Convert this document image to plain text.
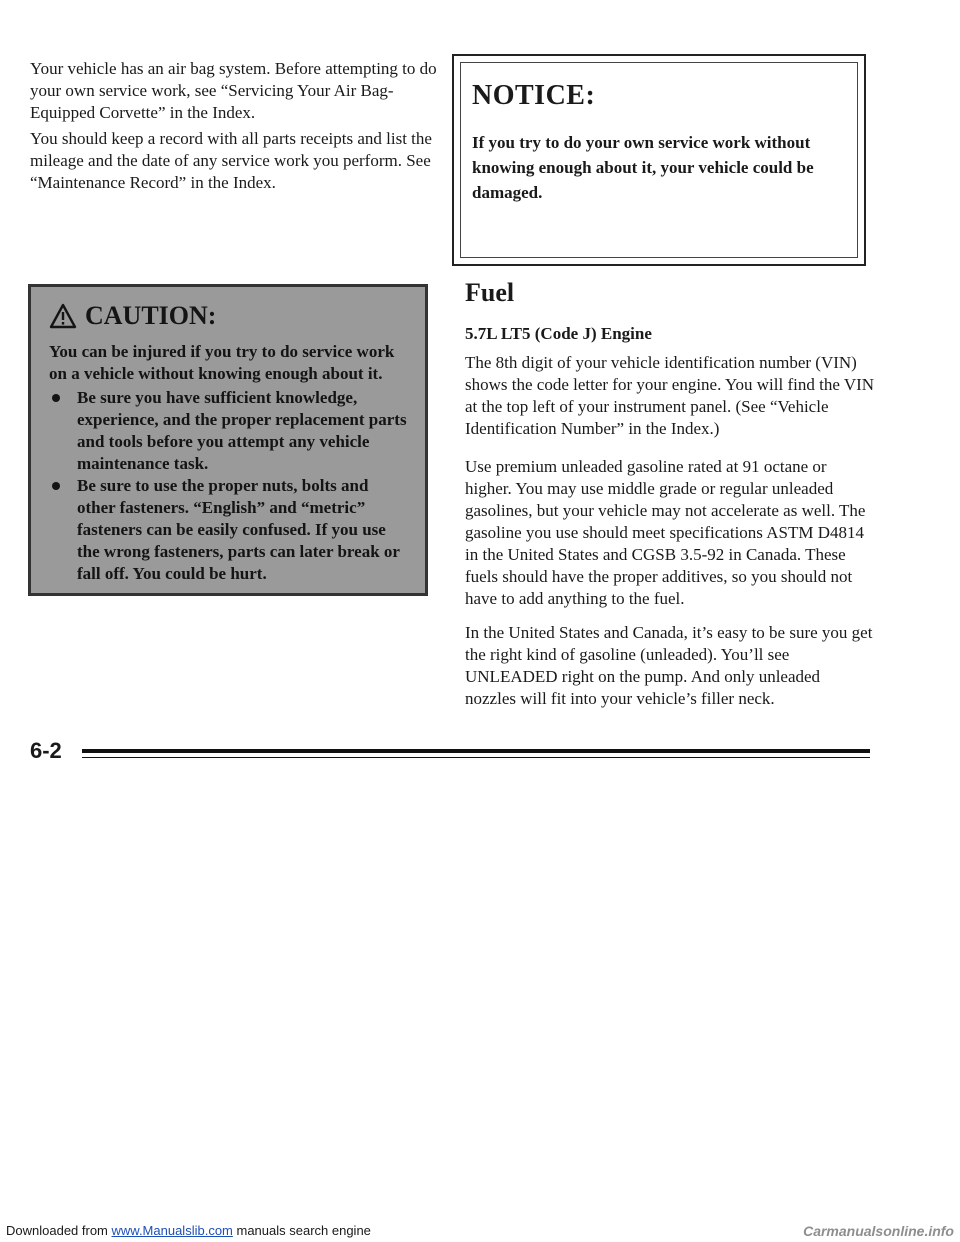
Your vehicle has an air bag system. Before attempting to do your own service work, see “Servicing Your Air Bag-Equipped Corvette” in the Index.

You should keep a record with all parts receipts and list the mileage and the date of any service work you perform. See “Maintenance Record” in the Index.

CAUTION:

You can be injured if you try to do service work on a vehicle without knowing enough about it.

Be sure you have sufficient knowledge, experience, and the proper replacement parts and tools before you attempt any vehicle maintenance task.
Be sure to use the proper nuts, bolts and other fasteners. “English” and “metric” fasteners can be easily confused. If you use the wrong fasteners, parts can later break or fall off. You could be hurt.

NOTICE:

If you try to do your own service work without knowing enough about it, your vehicle could be damaged.

Fuel
5.7L LT5 (Code J) Engine

The 8th digit of your vehicle identification number (VIN) shows the code letter for your engine. You will find the VIN at the top left of your instrument panel. (See “Vehicle Identification Number” in the Index.)

Use premium unleaded gasoline rated at 91 octane or higher. You may use middle grade or regular unleaded gasolines, but your vehicle may not accelerate as well. The gasoline you use should meet specifications ASTM D4814 in the United States and CGSB 3.5-92 in Canada. These fuels should have the proper additives, so you should not have to add anything to the fuel.

In the United States and Canada, it’s easy to be sure you get the right kind of gasoline (unleaded). You’ll see UNLEADED right on the pump. And only unleaded nozzles will fit into your vehicle’s filler neck.

6-2
Downloaded from www.Manualslib.com manuals search engine	Carmanualsonline.info
